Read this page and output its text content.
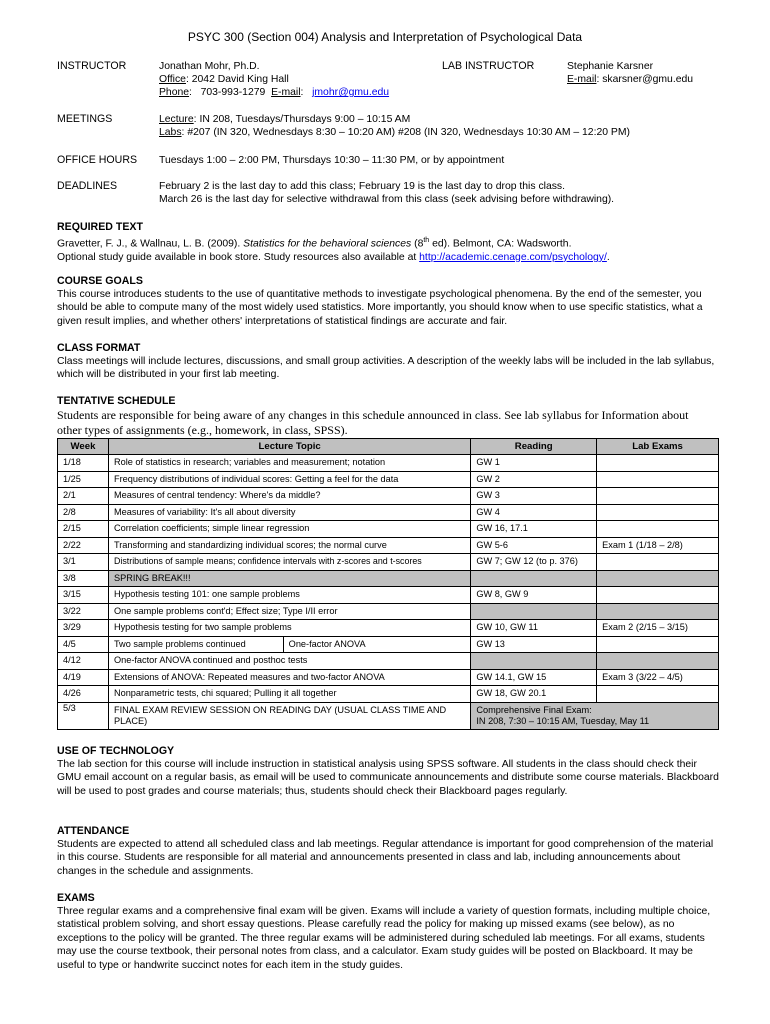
PSYC 300 (Section 004) Analysis and Interpretation of Psychological Data
INSTRUCTOR	Jonathan Mohr, Ph.D.
Office: 2042 David King Hall
Phone:   703-993-1279  E-mail:   jmohr@gmu.edu
LAB INSTRUCTOR	Stephanie Karsner
E-mail: skarsner@gmu.edu
MEETINGS	Lecture: IN 208, Tuesdays/Thursdays 9:00 – 10:15 AM
Labs: #207 (IN 320, Wednesdays 8:30 – 10:20 AM) #208 (IN 320, Wednesdays 10:30 AM – 12:20 PM)
OFFICE HOURS Tuesdays 1:00 – 2:00 PM, Thursdays 10:30 – 11:30 PM, or by appointment
DEADLINES	February 2 is the last day to add this class; February 19 is the last day to drop this class.
March 26 is the last day for selective withdrawal from this class (seek advising before withdrawing).
REQUIRED TEXT
Gravetter, F. J., & Wallnau, L. B. (2009). Statistics for the behavioral sciences (8th ed). Belmont, CA: Wadsworth.
Optional study guide available in book store. Study resources also available at http://academic.cenage.com/psychology/.
COURSE GOALS
This course introduces students to the use of quantitative methods to investigate psychological phenomena. By the end of the semester, you should be able to compute many of the most widely used statistics. More importantly, you should know when to use specific statistics, what a given result implies, and whether others' interpretations of statistical findings are accurate and fair.
CLASS FORMAT
Class meetings will include lectures, discussions, and small group activities. A description of the weekly labs will be included in the lab syllabus, which will be distributed in your first lab meeting.
TENTATIVE SCHEDULE
Students are responsible for being aware of any changes in this schedule announced in class. See lab syllabus for Information about other types of assignments (e.g., homework, in class, SPSS).
Week	Lecture Topic		Reading	Lab Exams
1/18	Role of statistics in research; variables and measurement; notation		GW 1	
1/25	Frequency distributions of individual scores: Getting a feel for the data		GW 2	
2/1	Measures of central tendency: Where's da middle?		GW 3	
2/8	Measures of variability: It's all about diversity		GW 4	
2/15	Correlation coefficients; simple linear regression		GW 16, 17.1	
2/22	Transforming and standardizing individual scores; the normal curve		GW 5-6	Exam 1 (1/18 – 2/8)
3/1	Distributions of sample means; confidence intervals with z-scores and t-scores		GW 7; GW 12 (to p. 376)	
3/8	SPRING BREAK!!!			
3/15	Hypothesis testing 101: one sample problems		GW 8, GW 9	
3/22	One sample problems cont'd; Effect size; Type I/II error			
3/29	Hypothesis testing for two sample problems		GW 10, GW 11	Exam 2 (2/15 – 3/15)
4/5	Two sample problems continued	One-factor ANOVA	GW 13	
4/12	One-factor ANOVA continued and posthoc tests			
4/19	Extensions of ANOVA: Repeated measures and two-factor ANOVA		GW 14.1, GW 15	Exam 3 (3/22 – 4/5)
4/26	Nonparametric tests, chi squared; Pulling it all together		GW 18, GW 20.1	
5/3	FINAL EXAM REVIEW SESSION ON READING DAY (USUAL CLASS TIME AND PLACE)		Comprehensive Final Exam:
IN 208, 7:30 – 10:15 AM, Tuesday, May 11	
USE OF TECHNOLOGY
The lab section for this course will include instruction in statistical analysis using SPSS software. All students in the class should check their GMU email account on a regular basis, as email will be used to communicate announcements and distribute some course materials. Blackboard will be used to post grades and course materials; thus, students should check their Blackboard pages regularly.
ATTENDANCE
Students are expected to attend all scheduled class and lab meetings. Regular attendance is important for good comprehension of the material in this course. Students are responsible for all material and announcements presented in class and lab, including announcements about changes in the schedule and assignments.
EXAMS
Three regular exams and a comprehensive final exam will be given. Exams will include a variety of question formats, including multiple choice, statistical problem solving, and short essay questions. Please carefully read the policy for making up missed exams (see below), as no exceptions to the policy will be granted. The three regular exams will be administered during scheduled lab meetings. For all exams, students may use the course textbook, their personal notes from class, and a calculator. Exam study guides will be posted on Blackboard. It may be useful to type or handwrite succinct notes for each item in the study guides.
